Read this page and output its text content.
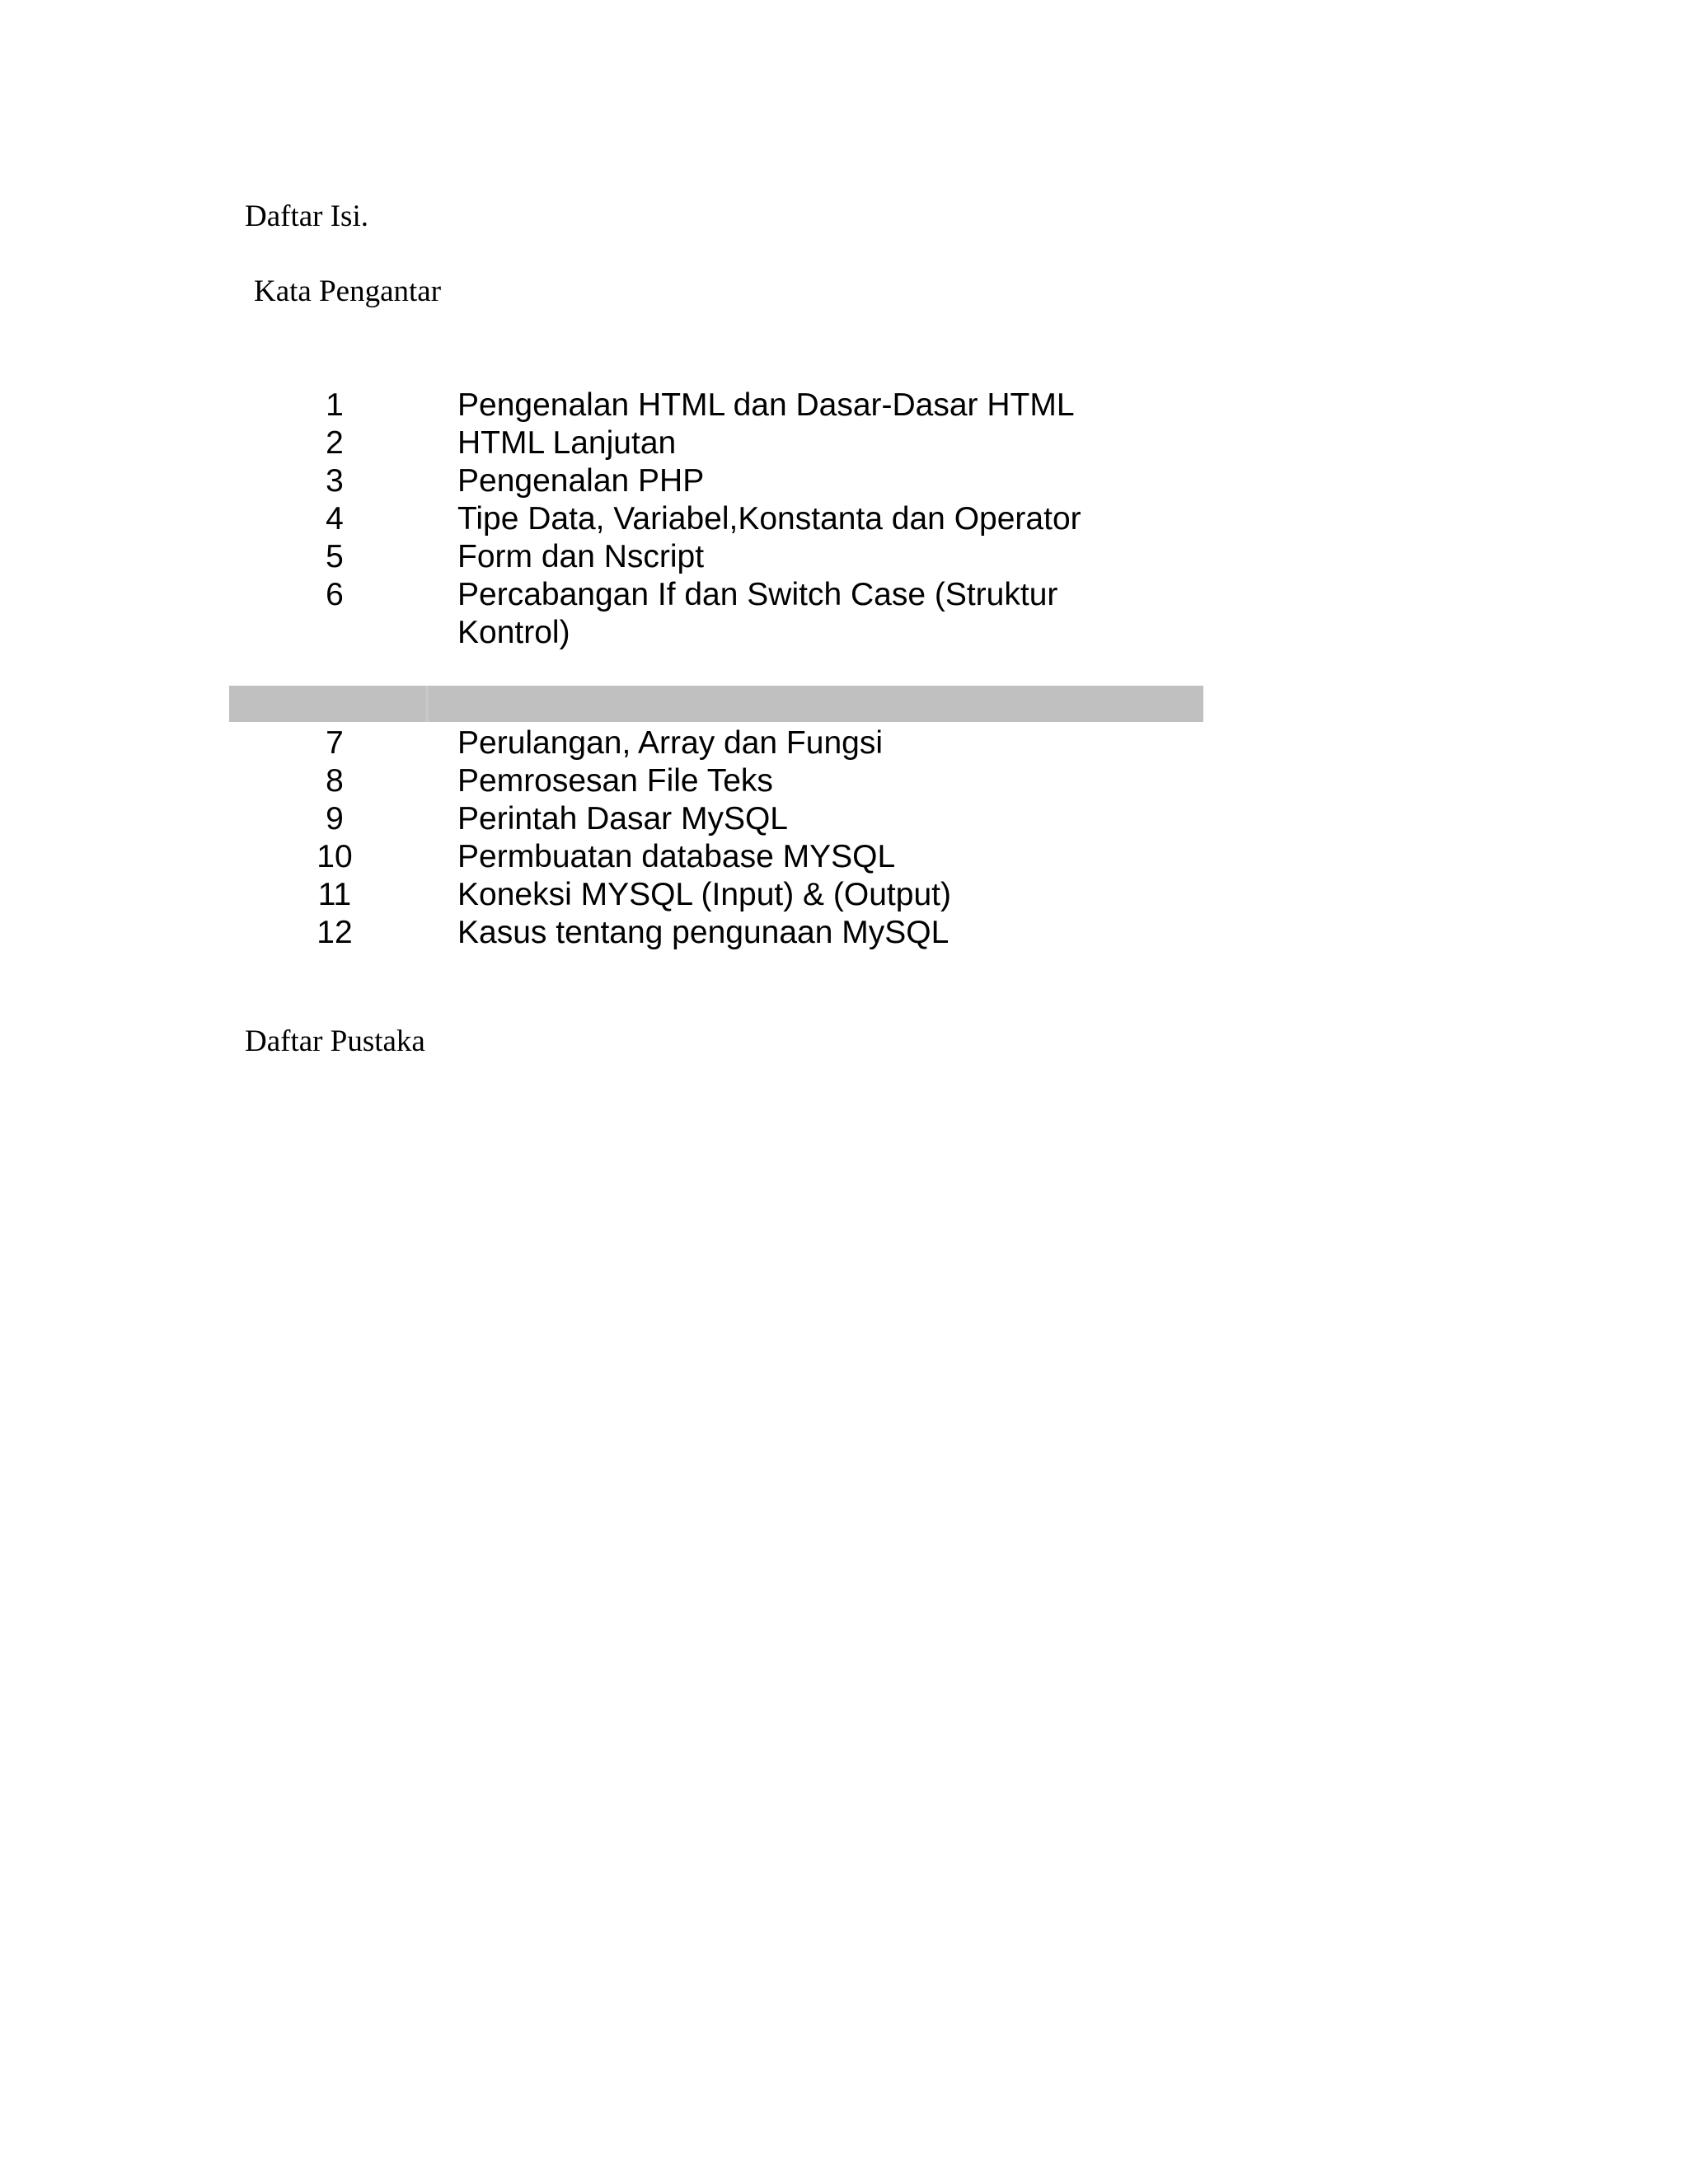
Daftar Isi.
Kata Pengantar
1	Pengenalan HTML dan Dasar-Dasar HTML
2	HTML Lanjutan
3	Pengenalan PHP
4	Tipe Data, Variabel,Konstanta dan Operator
5	Form dan Nscript
6	Percabangan If dan Switch Case (Struktur Kontrol)
7	Perulangan, Array dan Fungsi
8	Pemrosesan File Teks
9	Perintah Dasar MySQL
10	Permbuatan database MYSQL
11	Koneksi MYSQL (Input) & (Output)
12	Kasus tentang pengunaan MySQL
Daftar Pustaka
